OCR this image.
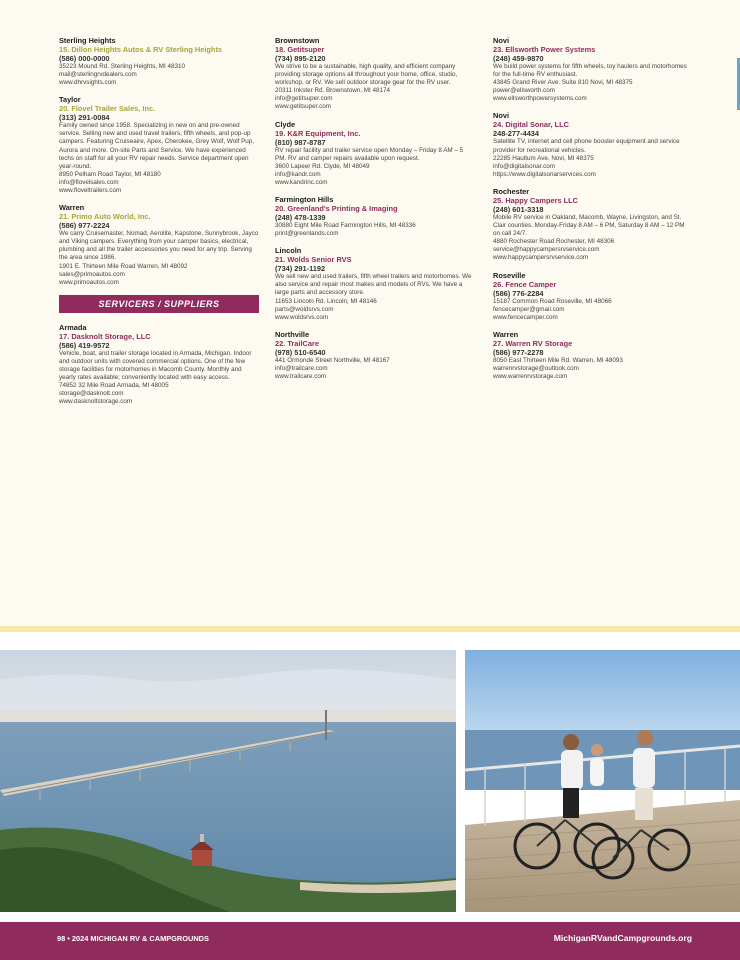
Sterling Heights
15. Dillon Heights Autos & RV Sterling Heights
(586) 000-0000
35223 Mound Rd. Sterling Heights, MI 48310
mail@sterlingrvdealers.com
www.dhrvsights.com
Taylor
20. Flovel Trailer Sales, Inc.
(313) 291-0084
Family owned since 1958. Specializing in new on and pre-owned service. Selling new and used travel trailers, fifth wheels, and pop-up campers. Featuring Cruiseaire, Apex, Cherokee, Grey Wolf, Wolf Pup, Aurora and more. On-site Parts and Service. We have experienced techs on staff for all your RV repair needs. Service department open year-round.
8950 Pelham Road Taylor, MI 48180
info@flovelsales.com
www.floveltrailers.com
Warren
21. Primo Auto World, Inc.
(586) 977-2224
We carry Cruisemaster, Nomad, Aerolite, Kapstone, Sunnybrook, Jayco and Viking campers. Everything from your camper basics, electrical, plumbing and all the trailer accessories you need for any trip. Serving the area since 1986.
1901 E. Thirteen Mile Road Warren, MI 48092
sales@primoautos.com
www.primoautos.com
SERVICERS / SUPPLIERS
Armada
17. Dasknolt Storage, LLC
(586) 419-9572
Vehicle, boat, and trailer storage located in Armada, Michigan. Indoor and outdoor units with covered commercial options. One of the few storage facilities for motorhomes in Macomb County. Monthly and yearly rates available; conveniently located with easy access.
74852 32 Mile Road Armada, MI 48005
storage@dasknolt.com
www.dasknoltstorage.com
Brownstown
18. Getitsuper
(734) 895-2120
We strive to be a sustainable, high quality, and efficient company providing storage options all throughout your home, office, studio, workshop, or RV. We sell outdoor storage gear for the RV user.
20311 Inkster Rd. Brownstown, MI 48174
info@getitsuper.com
www.getitsuper.com
Clyde
19. K&R Equipment, Inc.
(810) 987-8787
RV repair facility and trailer service open Monday – Friday 8 AM – 5 PM. RV and camper repairs available upon request.
3600 Lapeer Rd. Clyde, MI 48049
info@kandr.com
www.kandrinc.com
Farmington Hills
20. Greenland's Printing & Imaging
(248) 478-1339
30880 Eight Mile Road Farmington Hills, MI 48336
print@greenlands.com
Lincoln
21. Wolds Senior RVS
(734) 291-1192
We sell new and used trailers, fifth wheel trailers and motorhomes. We also service and repair most makes and models of RVs. We have a large parts and accessory store.
11653 Lincoln Rd. Lincoln, MI 48146
parts@woldsrvs.com
www.woldsrvs.com
Northville
22. TrailCare
(978) 510-6540
441 Ormonde Street Northville, MI 48167
info@trailcare.com
www.trailcare.com
Novi
23. Ellsworth Power Systems
(248) 459-9870
We build power systems for fifth wheels, toy haulers and motorhomes for the full-time RV enthusiast.
43845 Grand River Ave. Suite 810 Novi, MI 48375
power@ellsworth.com
www.ellsworthpowersystems.com
Novi
24. Digital Sonar, LLC
248-277-4434
Satellite TV, internet and cell phone booster equipment and service provider for recreational vehicles.
22285 Haultum Ave. Novi, MI 48375
info@digitalsonar.com
https://www.digitalsonarservices.com
Rochester
25. Happy Campers LLC
(248) 601-3318
Mobile RV service in Oakland, Macomb, Wayne, Livingston, and St. Clair counties. Monday-Friday 8 AM – 6 PM, Saturday 8 AM – 12 PM on call 24/7.
4880 Rochester Road Rochester, MI 48306
service@happycampersrvservice.com
www.happycampersrvservice.com
Roseville
26. Fence Camper
(586) 776-2284
15187 Common Road Roseville, MI 48066
fencecamper@gmail.com
www.fencecamper.com
Warren
27. Warren RV Storage
(586) 977-2278
8050 East Thirteen Mile Rd. Warren, MI 48093
warrenrvstorage@outlook.com
www.warrenrvstorage.com
98 • 2024 MICHIGAN RV & CAMPGROUNDS	MichiganRVandCampgrounds.org
